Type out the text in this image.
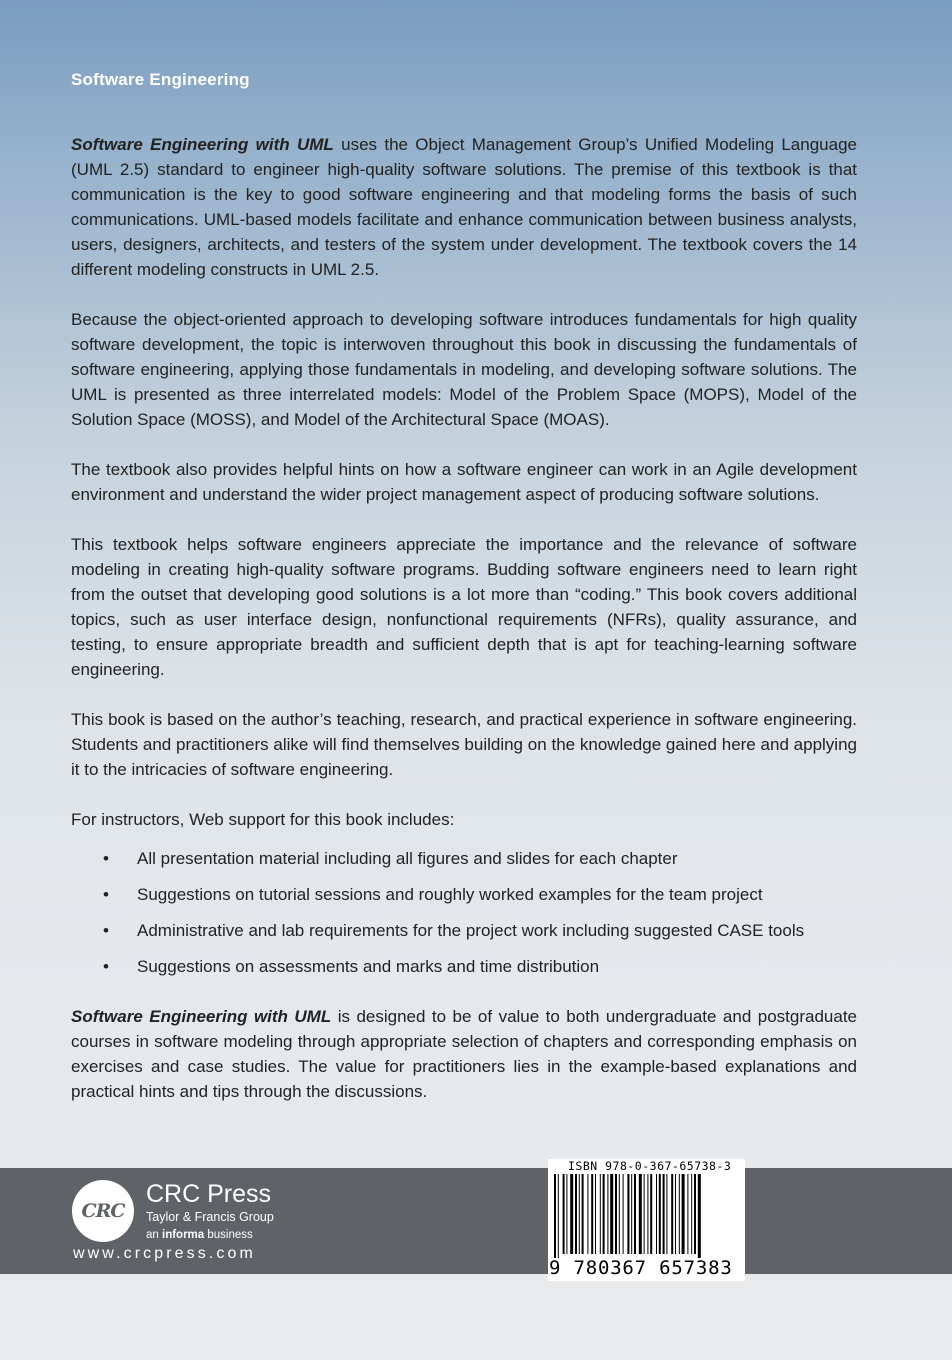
Software Engineering

Software Engineering with UML uses the Object Management Group’s Unified Modeling Language (UML 2.5) standard to engineer high-quality software solutions. The premise of this textbook is that communication is the key to good software engineering and that modeling forms the basis of such communications. UML-based models facilitate and enhance communication between business analysts, users, designers, architects, and testers of the system under development. The textbook covers the 14 different modeling constructs in UML 2.5.

Because the object-oriented approach to developing software introduces fundamentals for high quality software development, the topic is interwoven throughout this book in discussing the fundamentals of software engineering, applying those fundamentals in modeling, and developing software solutions. The UML is presented as three interrelated models: Model of the Problem Space (MOPS), Model of the Solution Space (MOSS), and Model of the Architectural Space (MOAS).

The textbook also provides helpful hints on how a software engineer can work in an Agile development environment and understand the wider project management aspect of producing software solutions.

This textbook helps software engineers appreciate the importance and the relevance of software modeling in creating high-quality software programs. Budding software engineers need to learn right from the outset that developing good solutions is a lot more than “coding.” This book covers additional topics, such as user interface design, nonfunctional requirements (NFRs), quality assurance, and testing, to ensure appropriate breadth and sufficient depth that is apt for teaching-learning software engineering.

This book is based on the author’s teaching, research, and practical experience in software engineering. Students and practitioners alike will find themselves building on the knowledge gained here and applying it to the intricacies of software engineering.

For instructors, Web support for this book includes:

• All presentation material including all figures and slides for each chapter
• Suggestions on tutorial sessions and roughly worked examples for the team project
• Administrative and lab requirements for the project work including suggested CASE tools
• Suggestions on assessments and marks and time distribution

Software Engineering with UML is designed to be of value to both undergraduate and postgraduate courses in software modeling through appropriate selection of chapters and corresponding emphasis on exercises and case studies. The value for practitioners lies in the example-based explanations and practical hints and tips through the discussions.

CRC
CRC Press
Taylor & Francis Group
an informa business
www.crcpress.com
ISBN 978-0-367-65738-3
9 780367 657383
